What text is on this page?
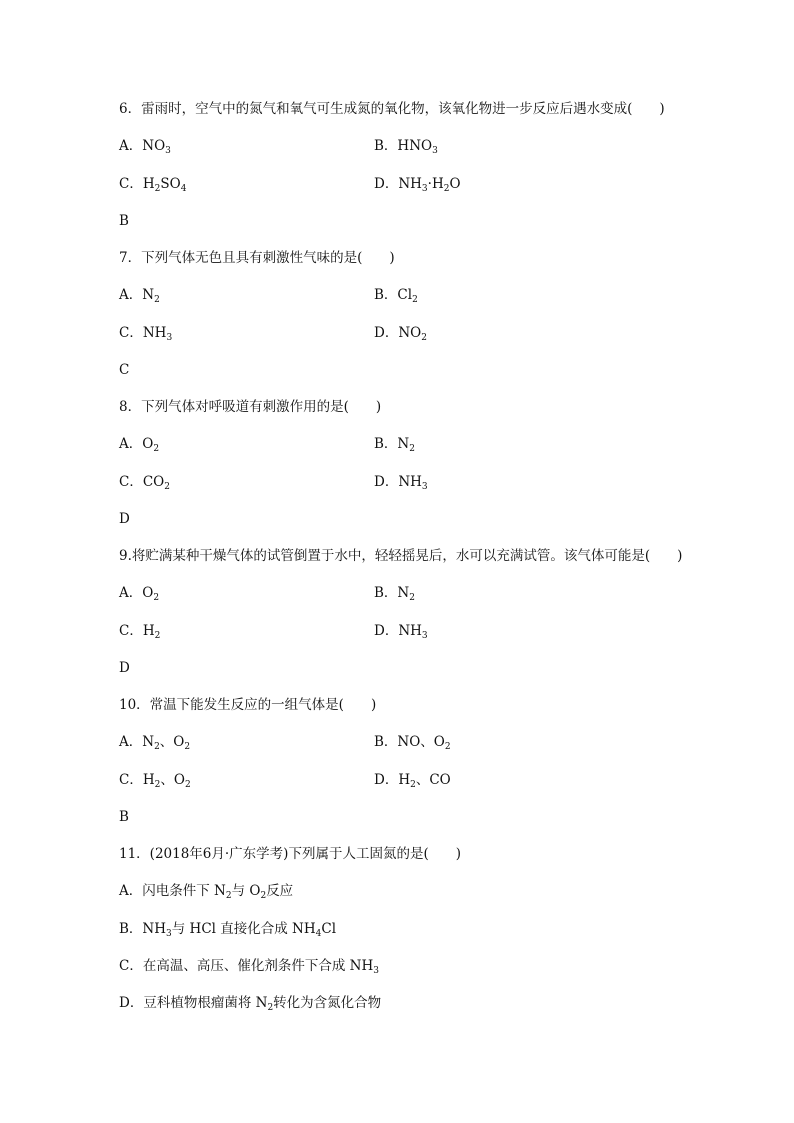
6．雷雨时，空气中的氮气和氧气可生成氮的氧化物，该氧化物进一步反应后遇水变成(　　)
A．$NO_3$	B．$HNO_3$
C．$H_2SO_4$	D．$NH_3\cdot H_2O$
B
7．下列气体无色且具有刺激性气味的是(　　)
A．$N_2$	B．$Cl_2$
C．$NH_3$	D．$NO_2$
C
8．下列气体对呼吸道有刺激作用的是(　　)
A．$O_2$	B．$N_2$
C．$CO_2$	D．$NH_3$
D
9.将贮满某种干燥气体的试管倒置于水中，轻轻摇晃后，水可以充满试管。该气体可能是(　　)
A．$O_2$	B．$N_2$
C．$H_2$	D．$NH_3$
D
10．常温下能发生反应的一组气体是(　　)
A．$N_2$、$O_2$	B．NO、$O_2$
C．$H_2$、$O_2$	D．$H_2$、CO
B
11．(2018年6月·广东学考)下列属于人工固氮的是(　　)
A．闪电条件下 $N_2$与 $O_2$反应
B．$NH_3$与 HCl 直接化合成 $NH_4Cl$
C．在高温、高压、催化剂条件下合成 $NH_3$
D．豆科植物根瘤菌将 $N_2$转化为含氮化合物
